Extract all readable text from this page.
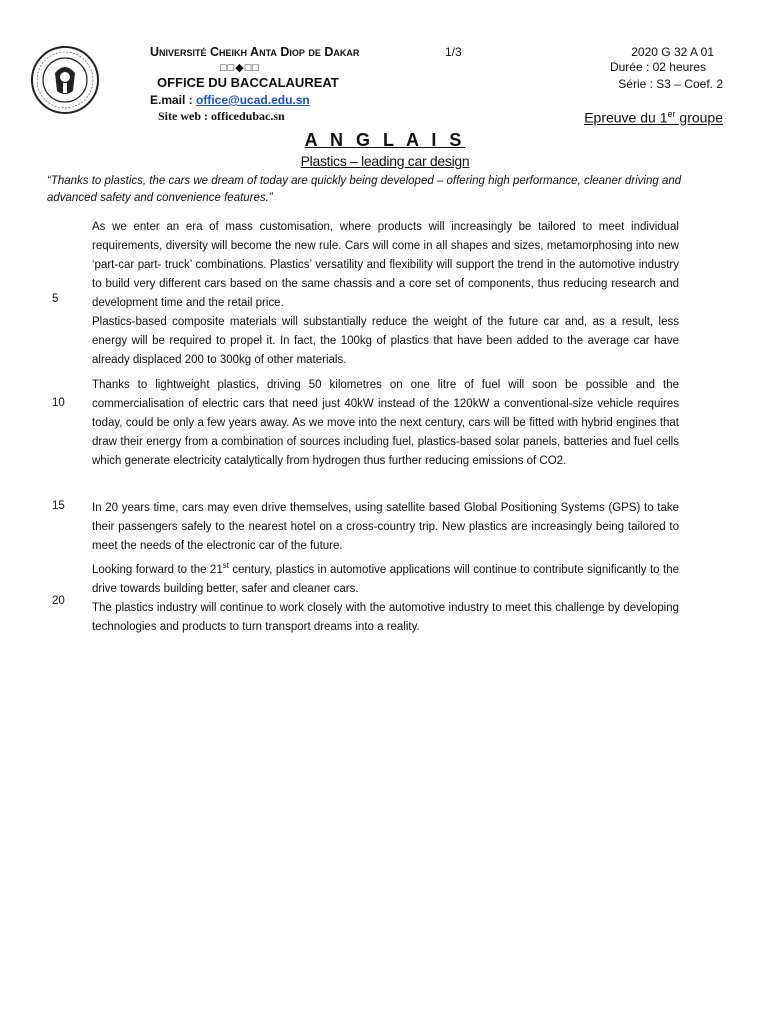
Université Cheikh Anta Diop de Dakar
□□◆□□
OFFICE DU BACCALAUREAT
E.mail : office@ucad.edu.sn
Site web : officedubac.sn
1/3	2020 G 32 A 01
Durée : 02 heures
Série : S3 – Coef. 2
Epreuve du 1er groupe
A N G L A I S
Plastics – leading car design
“Thanks to plastics, the cars we dream of today are quickly being developed – offering high performance, cleaner driving and advanced safety and convenience features.”

As we enter an era of mass customisation, where products will increasingly be tailored to meet individual requirements, diversity will become the new rule. Cars will come in all shapes and sizes, metamorphosing into new ‘part-car part- truck’ combinations. Plastics’ versatility and flexibility will support the trend in the automotive industry to build very different cars based on the same chassis and a core set of components, thus reducing research and development time and the retail price.

Plastics-based composite materials will substantially reduce the weight of the future car and, as a result, less energy will be required to propel it. In fact, the 100kg of plastics that have been added to the average car have already displaced 200 to 300kg of other materials.

Thanks to lightweight plastics, driving 50 kilometres on one litre of fuel will soon be possible and the commercialisation of electric cars that need just 40kW instead of the 120kW a conventional-size vehicle requires today, could be only a few years away. As we move into the next century, cars will be fitted with hybrid engines that draw their energy from a combination of sources including fuel, plastics-based solar panels, batteries and fuel cells which generate electricity catalytically from hydrogen thus further reducing emissions of CO2.

In 20 years time, cars may even drive themselves, using satellite based Global Positioning Systems (GPS) to take their passengers safely to the nearest hotel on a cross-country trip. New plastics are increasingly being tailored to meet the needs of the electronic car of the future.

Looking forward to the 21st century, plastics in automotive applications will continue to contribute significantly to the drive towards building better, safer and cleaner cars.

The plastics industry will continue to work closely with the automotive industry to meet this challenge by developing technologies and products to turn transport dreams into a reality.

5
10
15
20
